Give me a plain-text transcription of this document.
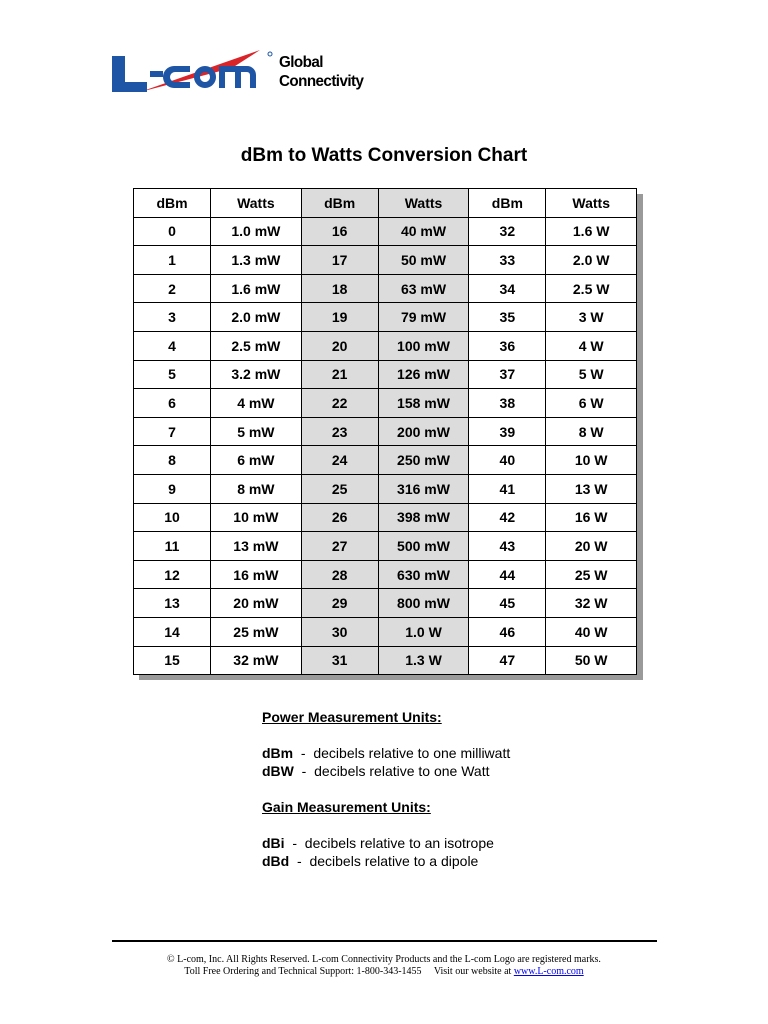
Global
Connectivity
dBm to Watts Conversion Chart
dBm	Watts	dBm	Watts	dBm	Watts
0	1.0 mW	16	40 mW	32	1.6 W
1	1.3 mW	17	50 mW	33	2.0 W
2	1.6 mW	18	63 mW	34	2.5 W
3	2.0 mW	19	79 mW	35	3 W
4	2.5 mW	20	100 mW	36	4 W
5	3.2 mW	21	126 mW	37	5 W
6	4 mW	22	158 mW	38	6 W
7	5 mW	23	200 mW	39	8 W
8	6 mW	24	250 mW	40	10 W
9	8 mW	25	316 mW	41	13 W
10	10 mW	26	398 mW	42	16 W
11	13 mW	27	500 mW	43	20 W
12	16 mW	28	630 mW	44	25 W
13	20 mW	29	800 mW	45	32 W
14	25 mW	30	1.0 W	46	40 W
15	32 mW	31	1.3 W	47	50 W
Power Measurement Units:
dBm  -  decibels relative to one milliwatt
dBW  -  decibels relative to one Watt
Gain Measurement Units:
dBi  -  decibels relative to an isotrope
dBd  -  decibels relative to a dipole
© L-com, Inc. All Rights Reserved. L-com Connectivity Products and the L-com Logo are registered marks.
Toll Free Ordering and Technical Support: 1-800-343-1455     Visit our website at www.L-com.com
